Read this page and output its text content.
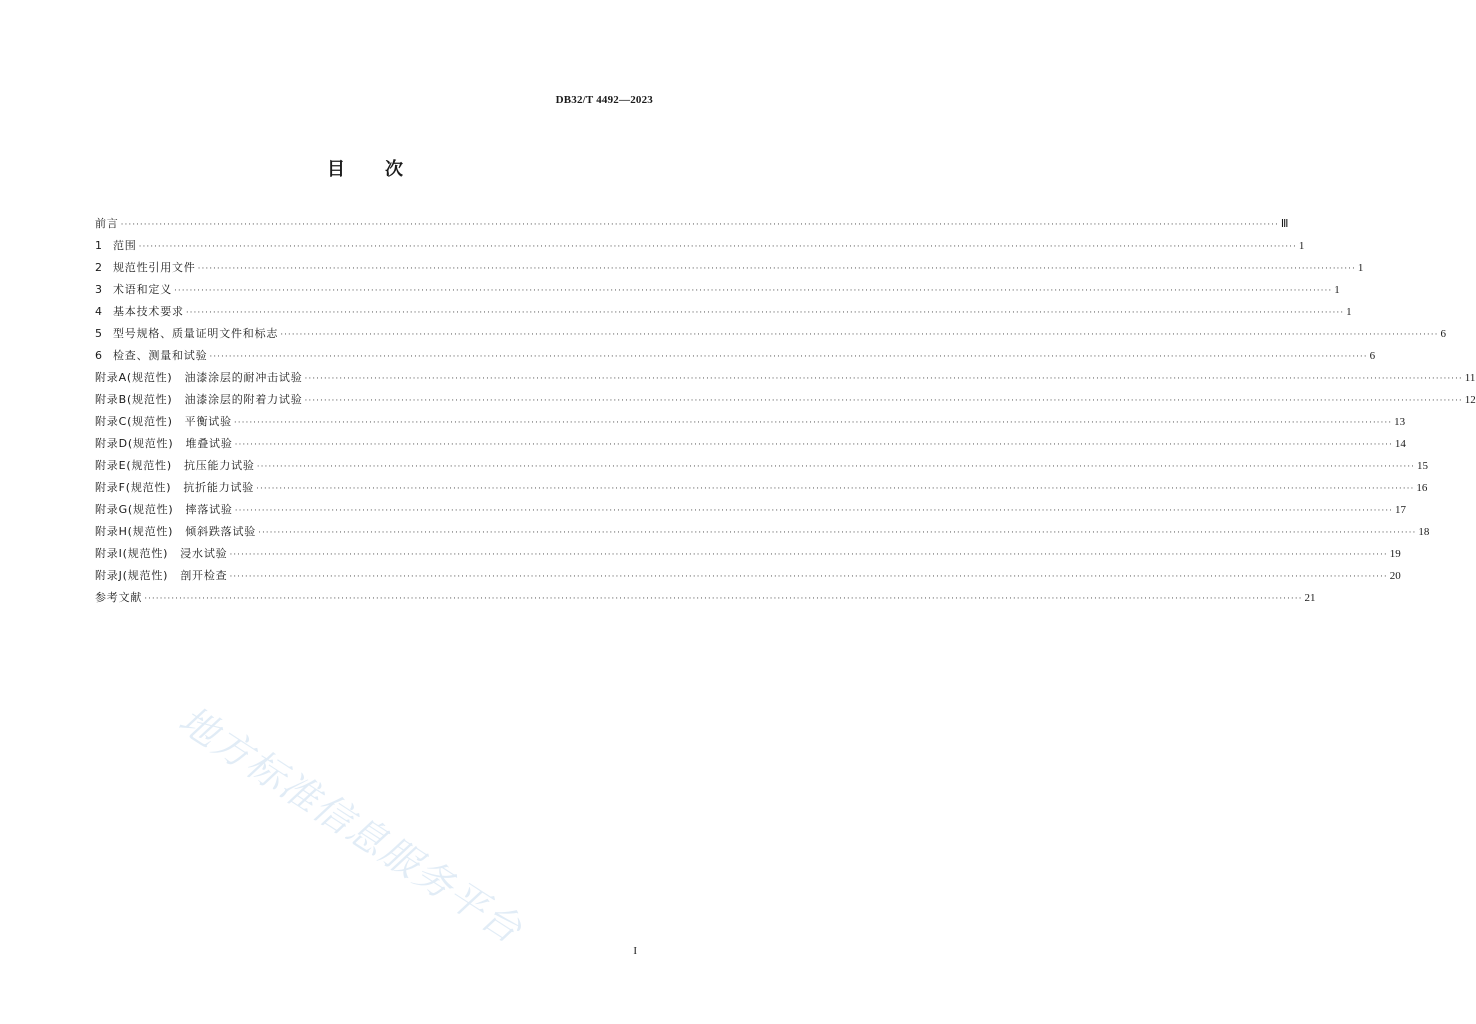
DB32/T 4492—2023
目 次
前言 ············································································································································································································································································································ Ⅲ
1 范围 ············································································································································································································································································································ 1
2 规范性引用文件 ············································································································································································································································································································ 1
3 术语和定义 ············································································································································································································································································································ 1
4 基本技术要求 ············································································································································································································································································································ 1
5 型号规格、质量证明文件和标志 ············································································································································································································································································································ 6
6 检查、测量和试验 ············································································································································································································································································································ 6
附录A(规范性) 油漆涂层的耐冲击试验 ············································································································································································································································································································ 11
附录B(规范性) 油漆涂层的附着力试验 ············································································································································································································································································································ 12
附录C(规范性) 平衡试验 ············································································································································································································································································································ 13
附录D(规范性) 堆叠试验 ············································································································································································································································································································ 14
附录E(规范性) 抗压能力试验 ············································································································································································································································································································ 15
附录F(规范性) 抗折能力试验 ············································································································································································································································································································ 16
附录G(规范性) 摔落试验 ············································································································································································································································································································ 17
附录H(规范性) 倾斜跌落试验 ············································································································································································································································································································ 18
附录I(规范性) 浸水试验 ············································································································································································································································································································ 19
附录J(规范性) 剖开检查 ············································································································································································································································································································ 20
参考文献 ············································································································································································································································································································ 21
地方标准信息服务平台	I
